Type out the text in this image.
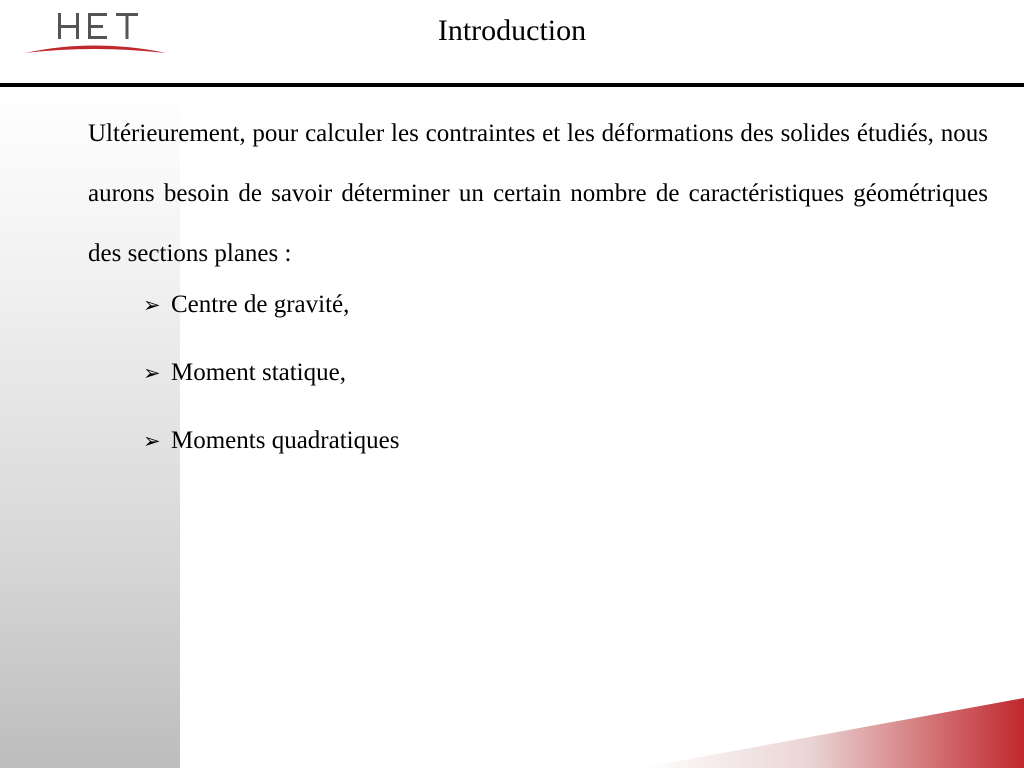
Introduction

Ultérieurement, pour calculer les contraintes et les déformations des solides étudiés, nous aurons besoin de savoir déterminer un certain nombre de caractéristiques géométriques des sections planes :

➢ Centre de gravité,
➢ Moment statique,
➢ Moments quadratiques
